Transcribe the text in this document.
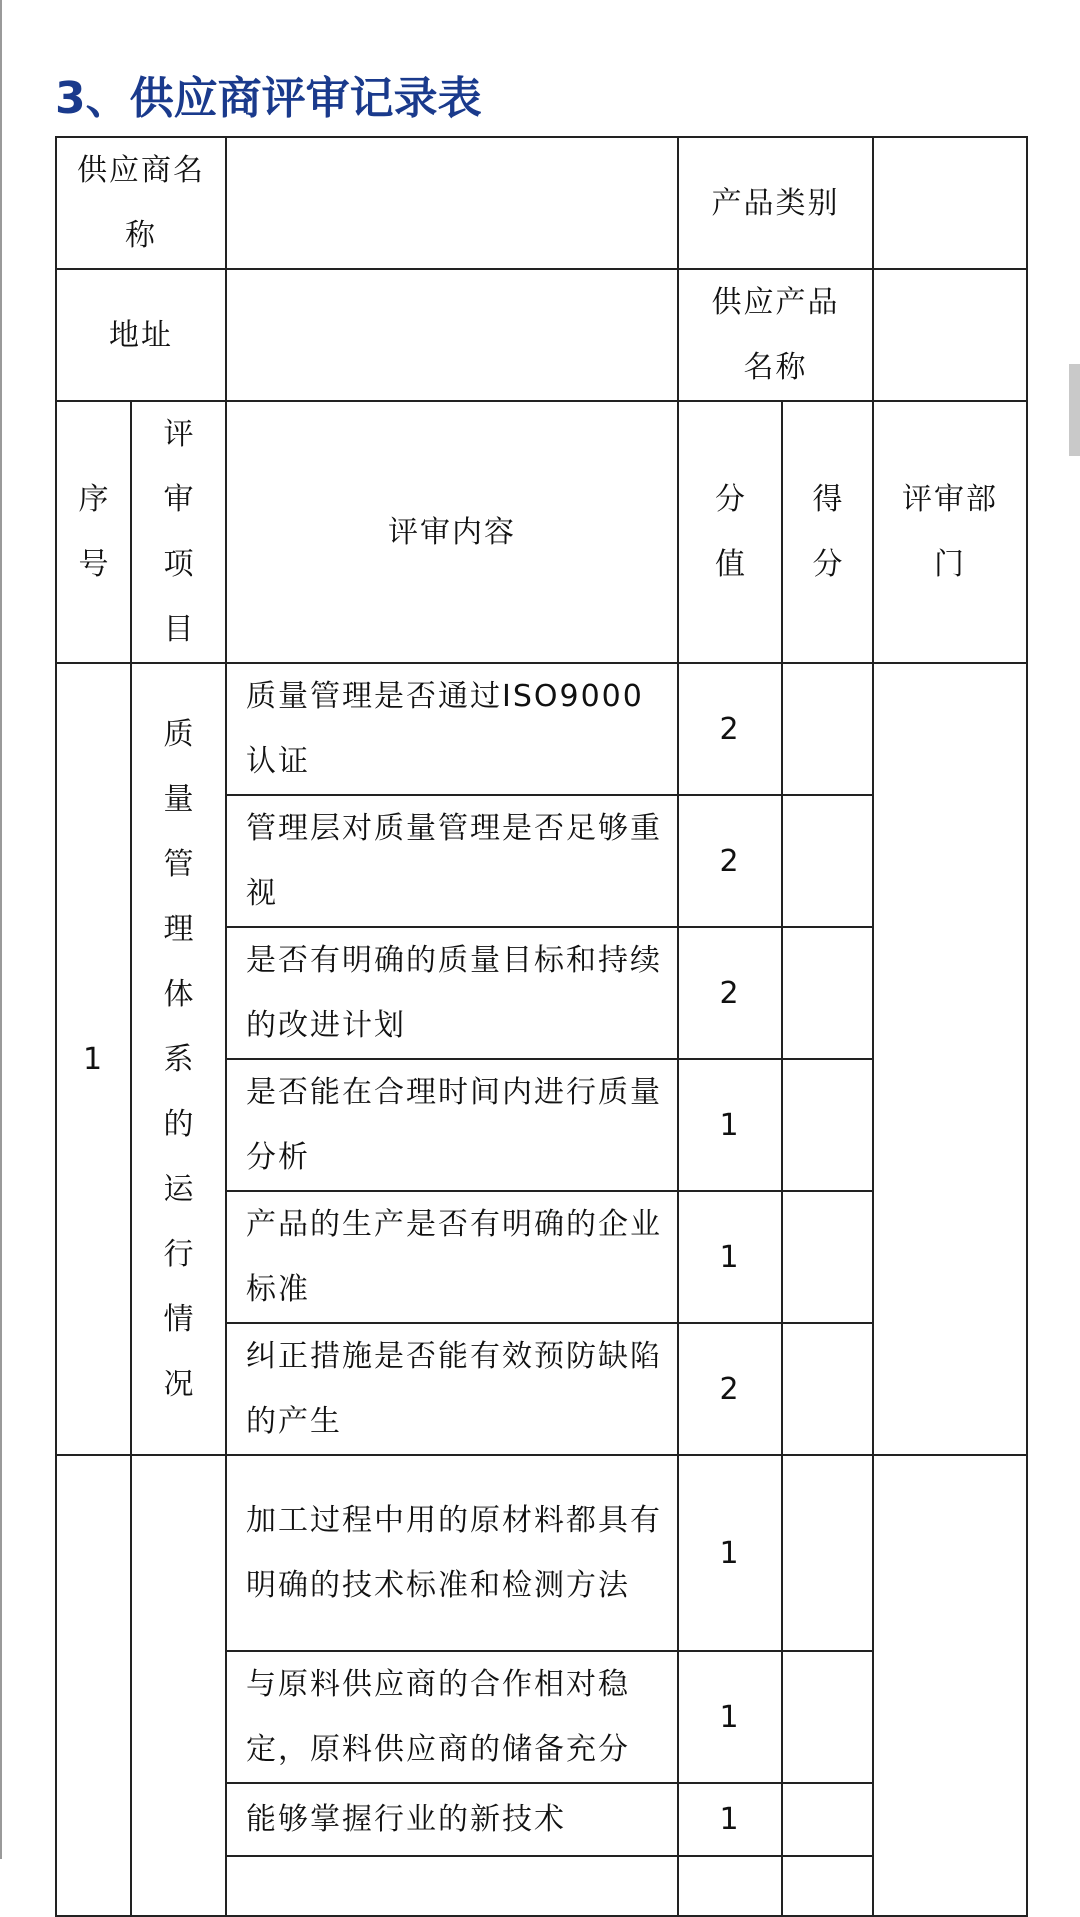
3、供应商评审记录表
供应商名称			产品类别		
地址			供应产品名称		

序号	评审项目	评审内容	分值	得分	评审部门
1	质量管理体系的运行情况	质量管理是否通过ISO9000认证	2		
		管理层对质量管理是否足够重视	2		
		是否有明确的质量目标和持续的改进计划	2		
		是否能在合理时间内进行质量分析	1		
		产品的生产是否有明确的企业标准	1		
		纠正措施是否能有效预防缺陷的产生	2		
		加工过程中用的原材料都具有明确的技术标准和检测方法	1		
		与原料供应商的合作相对稳定，原料供应商的储备充分	1		
		能够掌握行业的新技术	1		
